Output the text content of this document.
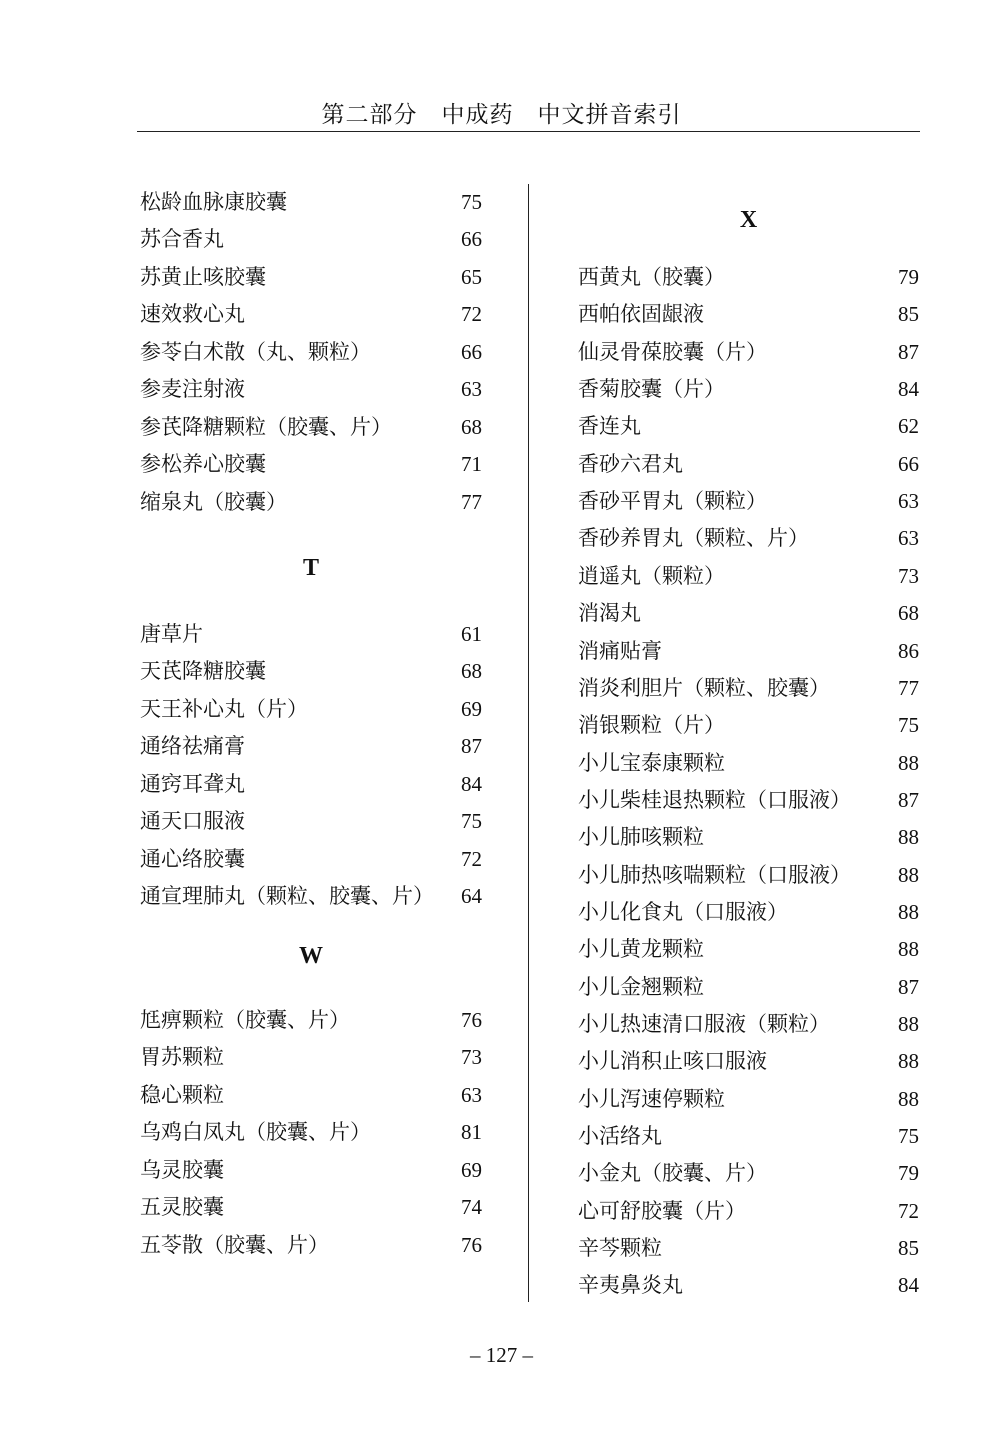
第二部分　中成药　中文拼音索引
松龄血脉康胶囊	75
苏合香丸	66
苏黄止咳胶囊	65
速效救心丸	72
参苓白术散（丸、颗粒）	66
参麦注射液	63
参芪降糖颗粒（胶囊、片）	68
参松养心胶囊	71
缩泉丸（胶囊）	77
T
唐草片	61
天芪降糖胶囊	68
天王补心丸（片）	69
通络祛痛膏	87
通窍耳聋丸	84
通天口服液	75
通心络胶囊	72
通宣理肺丸（颗粒、胶囊、片） 64
W
尪痹颗粒（胶囊、片）	76
胃苏颗粒	73
稳心颗粒	63
乌鸡白凤丸（胶囊、片）	81
乌灵胶囊	69
五灵胶囊	74
五苓散（胶囊、片）	76
X
西黄丸（胶囊）	79
西帕依固龈液	85
仙灵骨葆胶囊（片）	87
香菊胶囊（片）	84
香连丸	62
香砂六君丸	66
香砂平胃丸（颗粒）	63
香砂养胃丸（颗粒、片）	63
逍遥丸（颗粒）	73
消渴丸	68
消痛贴膏	86
消炎利胆片（颗粒、胶囊）	77
消银颗粒（片）	75
小儿宝泰康颗粒	88
小儿柴桂退热颗粒（口服液） 87
小儿肺咳颗粒	88
小儿肺热咳喘颗粒（口服液） 88
小儿化食丸（口服液）	88
小儿黄龙颗粒	88
小儿金翘颗粒	87
小儿热速清口服液（颗粒）	88
小儿消积止咳口服液	88
小儿泻速停颗粒	88
小活络丸	75
小金丸（胶囊、片）	79
心可舒胶囊（片）	72
辛芩颗粒	85
辛夷鼻炎丸	84
– 127 –
